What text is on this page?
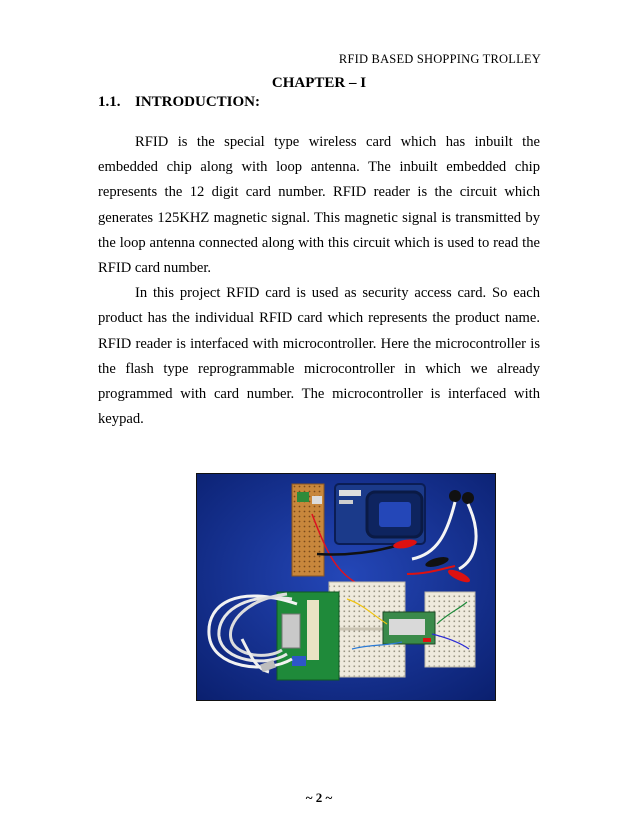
RFID BASED SHOPPING TROLLEY
CHAPTER – I
1.1. INTRODUCTION:

RFID is the special type wireless card which has inbuilt the embedded chip along with loop antenna. The inbuilt embedded chip represents the 12 digit card number. RFID reader is the circuit which generates 125KHZ magnetic signal. This magnetic signal is transmitted by the loop antenna connected along with this circuit which is used to read the RFID card number.

In this project RFID card is used as security access card. So each product has the individual RFID card which represents the product name. RFID reader is interfaced with microcontroller. Here the microcontroller is the flash type reprogrammable microcontroller in which we already programmed with card number. The microcontroller is interfaced with keypad.

~ 2 ~
